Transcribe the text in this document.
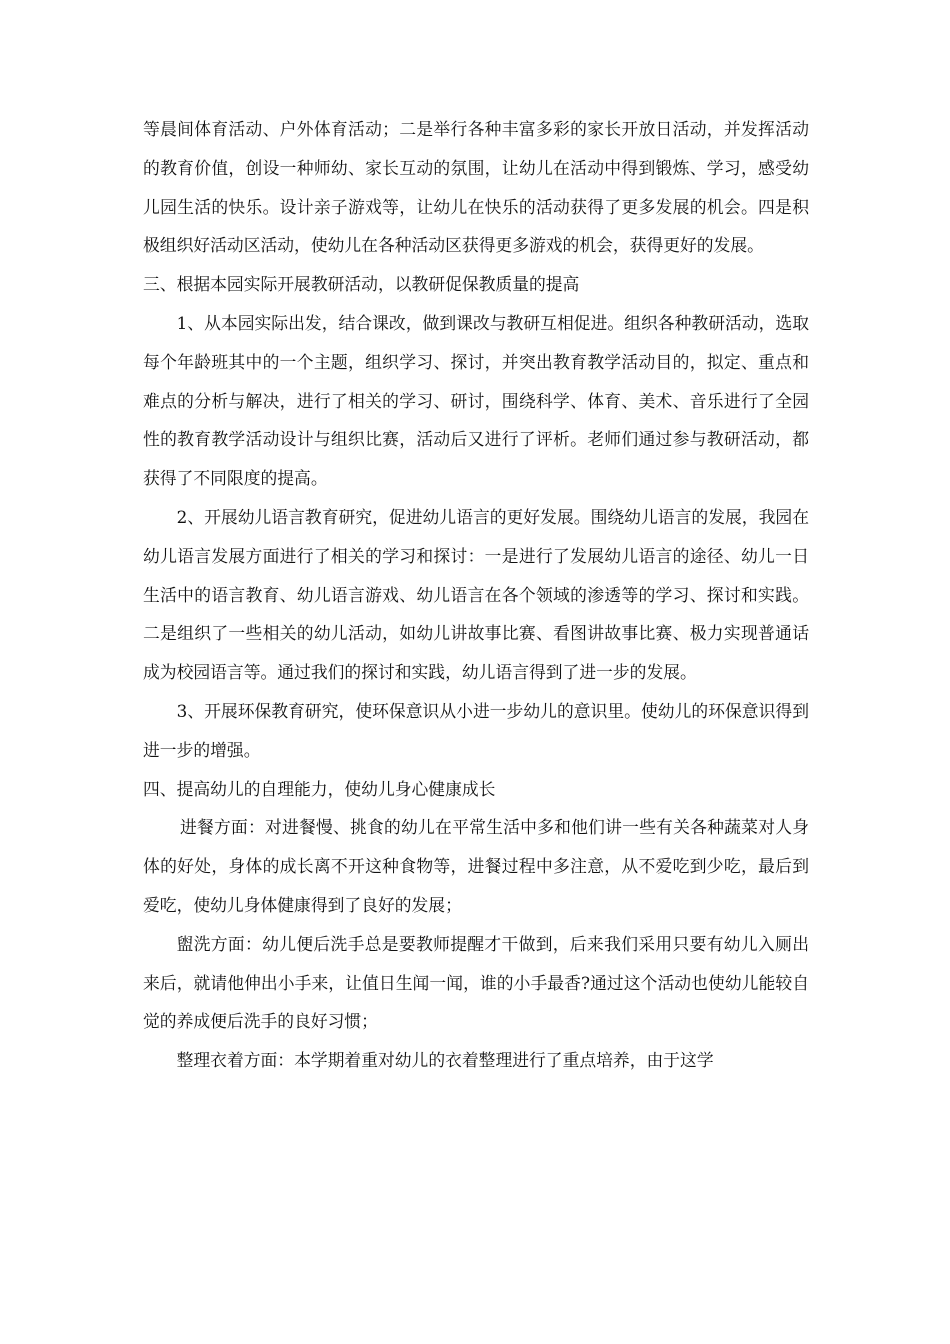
等晨间体育活动、户外体育活动；二是举行各种丰富多彩的家长开放日活动，并发挥活动的教育价值，创设一种师幼、家长互动的氛围，让幼儿在活动中得到锻炼、学习，感受幼儿园生活的快乐。设计亲子游戏等，让幼儿在快乐的活动获得了更多发展的机会。四是积极组织好活动区活动，使幼儿在各种活动区获得更多游戏的机会，获得更好的发展。

三、根据本园实际开展教研活动，以教研促保教质量的提高

1、从本园实际出发，结合课改，做到课改与教研互相促进。组织各种教研活动，选取每个年龄班其中的一个主题，组织学习、探讨，并突出教育教学活动目的，拟定、重点和难点的分析与解决，进行了相关的学习、研讨，围绕科学、体育、美术、音乐进行了全园性的教育教学活动设计与组织比赛，活动后又进行了评析。老师们通过参与教研活动，都获得了不同限度的提高。

2、开展幼儿语言教育研究，促进幼儿语言的更好发展。围绕幼儿语言的发展，我园在幼儿语言发展方面进行了相关的学习和探讨：一是进行了发展幼儿语言的途径、幼儿一日生活中的语言教育、幼儿语言游戏、幼儿语言在各个领域的渗透等的学习、探讨和实践。二是组织了一些相关的幼儿活动，如幼儿讲故事比赛、看图讲故事比赛、极力实现普通话成为校园语言等。通过我们的探讨和实践，幼儿语言得到了进一步的发展。

3、开展环保教育研究，使环保意识从小进一步幼儿的意识里。使幼儿的环保意识得到进一步的增强。

四、提高幼儿的自理能力，使幼儿身心健康成长

进餐方面：对进餐慢、挑食的幼儿在平常生活中多和他们讲一些有关各种蔬菜对人身体的好处，身体的成长离不开这种食物等，进餐过程中多注意，从不爱吃到少吃，最后到爱吃，使幼儿身体健康得到了良好的发展；

盥洗方面：幼儿便后洗手总是要教师提醒才干做到，后来我们采用只要有幼儿入厕出来后，就请他伸出小手来，让值日生闻一闻，谁的小手最香?通过这个活动也使幼儿能较自觉的养成便后洗手的良好习惯；

整理衣着方面：本学期着重对幼儿的衣着整理进行了重点培养，由于这学
